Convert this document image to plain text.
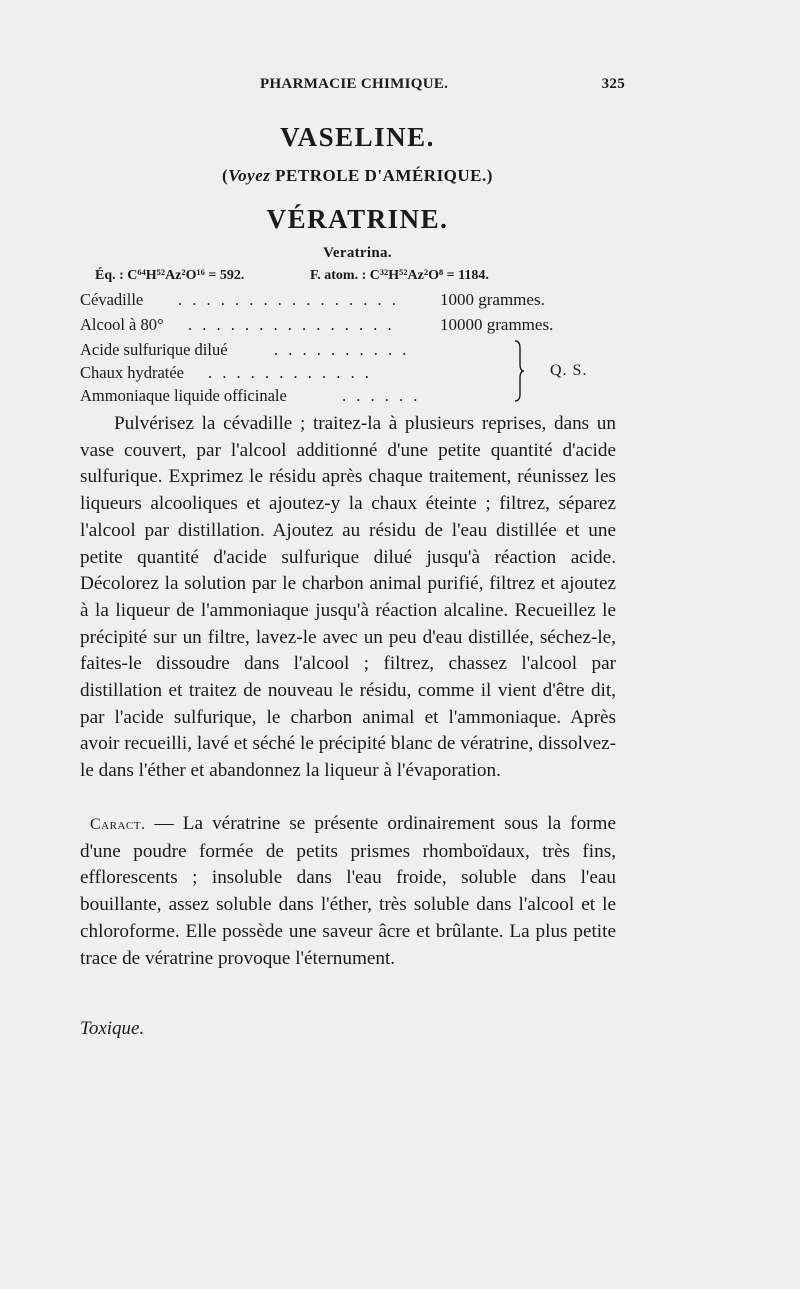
PHARMACIE CHIMIQUE.	325
VASELINE.
(Voyez PETROLE D'AMÉRIQUE.)
VÉRATRINE.
Veratrina.
Éq. : C⁶⁴H⁵²Az²O¹⁶ = 592.	F. atom. : C³²H⁵²Az²O⁸ = 1184.
Cévadille . . . . . . . . . . . . . . . .	1000 grammes.
Alcool à 80° . . . . . . . . . . . . . . .	10000 grammes.
Acide sulfurique dilué	. . . . . . . . . .
Chaux hydratée . . . . . . . . . . . .
Ammoniaque liquide officinale	. . . . . .
Q. S.

Pulvérisez la cévadille ; traitez-la à plusieurs reprises, dans un vase couvert, par l'alcool additionné d'une petite quantité d'acide sulfurique. Exprimez le résidu après chaque traitement, réunissez les liqueurs alcooliques et ajoutez-y la chaux éteinte ; filtrez, séparez l'alcool par distillation. Ajoutez au résidu de l'eau distillée et une petite quantité d'acide sulfurique dilué jusqu'à réaction acide. Décolorez la solution par le charbon animal purifié, filtrez et ajoutez à la liqueur de l'ammoniaque jusqu'à réaction alcaline. Recueillez le précipité sur un filtre, lavez-le avec un peu d'eau distillée, séchez-le, faites-le dissoudre dans l'alcool ; filtrez, chassez l'alcool par distillation et traitez de nouveau le résidu, comme il vient d'être dit, par l'acide sulfurique, le charbon animal et l'ammoniaque. Après avoir recueilli, lavé et séché le précipité blanc de vératrine, dissolvez-le dans l'éther et abandonnez la liqueur à l'évaporation.

Caract. — La vératrine se présente ordinairement sous la forme d'une poudre formée de petits prismes rhomboïdaux, très fins, efflorescents ; insoluble dans l'eau froide, soluble dans l'eau bouillante, assez soluble dans l'éther, très soluble dans l'alcool et le chloroforme. Elle possède une saveur âcre et brûlante. La plus petite trace de vératrine provoque l'éternument.

Toxique.
